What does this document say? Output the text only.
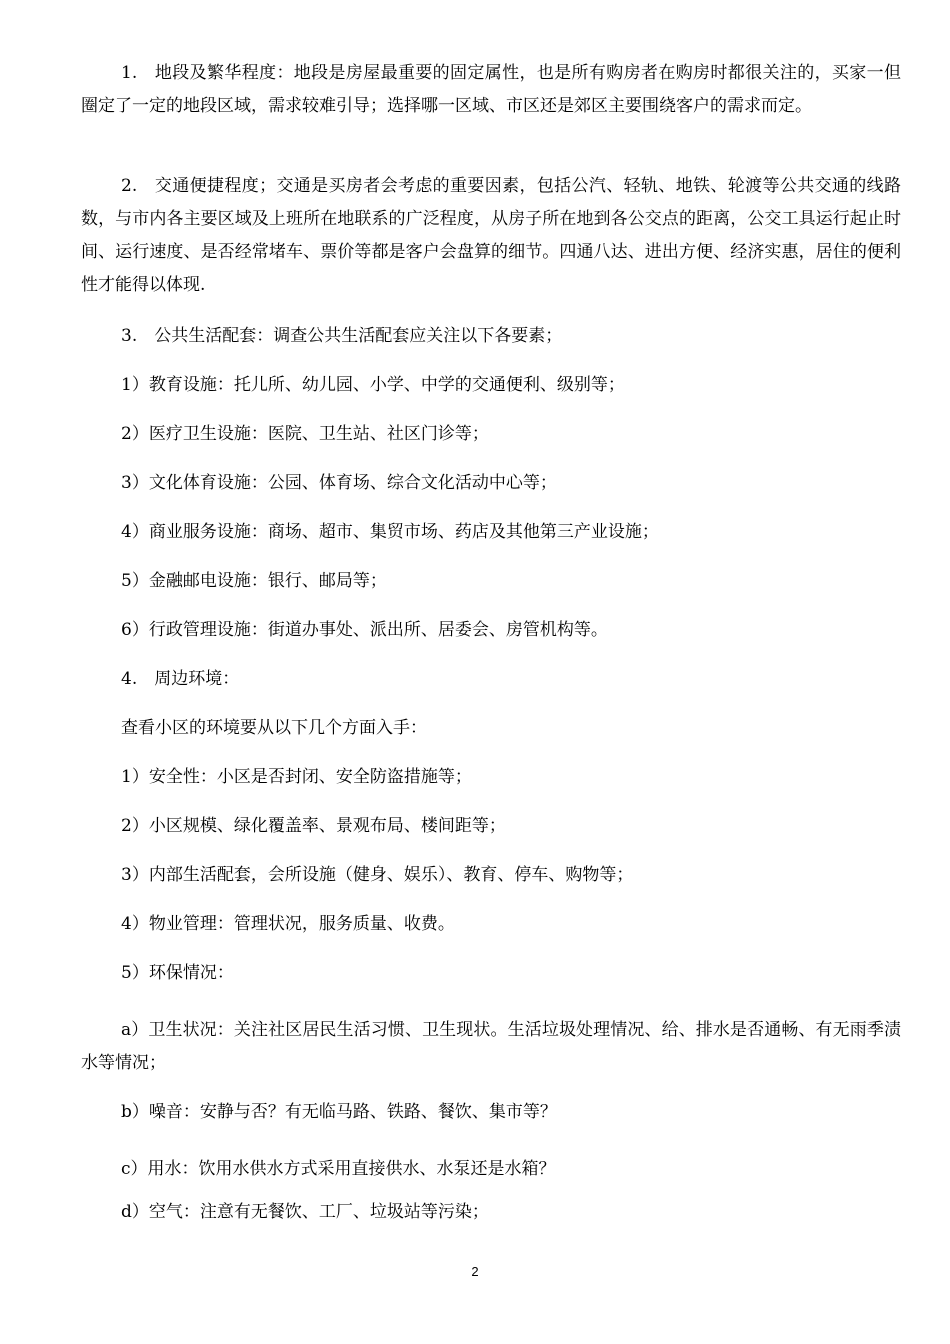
1.　地段及繁华程度：地段是房屋最重要的固定属性，也是所有购房者在购房时都很关注的，买家一但圈定了一定的地段区域，需求较难引导；选择哪一区域、市区还是郊区主要围绕客户的需求而定。

2.　交通便捷程度；交通是买房者会考虑的重要因素，包括公汽、轻轨、地铁、轮渡等公共交通的线路数，与市内各主要区域及上班所在地联系的广泛程度，从房子所在地到各公交点的距离，公交工具运行起止时间、运行速度、是否经常堵车、票价等都是客户会盘算的细节。四通八达、进出方便、经济实惠，居住的便利性才能得以体现.

3.　公共生活配套：调查公共生活配套应关注以下各要素；

1）教育设施：托儿所、幼儿园、小学、中学的交通便利、级别等；

2）医疗卫生设施：医院、卫生站、社区门诊等；

3）文化体育设施：公园、体育场、综合文化活动中心等；

4）商业服务设施：商场、超市、集贸市场、药店及其他第三产业设施；

5）金融邮电设施：银行、邮局等；

6）行政管理设施：街道办事处、派出所、居委会、房管机构等。

4.　周边环境：

查看小区的环境要从以下几个方面入手：

1）安全性：小区是否封闭、安全防盗措施等；

2）小区规模、绿化覆盖率、景观布局、楼间距等；

3）内部生活配套，会所设施（健身、娱乐）、教育、停车、购物等；

4）物业管理：管理状况，服务质量、收费。

5）环保情况：

a）卫生状况：关注社区居民生活习惯、卫生现状。生活垃圾处理情况、给、排水是否通畅、有无雨季渍水等情况；

b）噪音：安静与否？有无临马路、铁路、餐饮、集市等？

c）用水：饮用水供水方式采用直接供水、水泵还是水箱？

d）空气：注意有无餐饮、工厂、垃圾站等污染；

2
